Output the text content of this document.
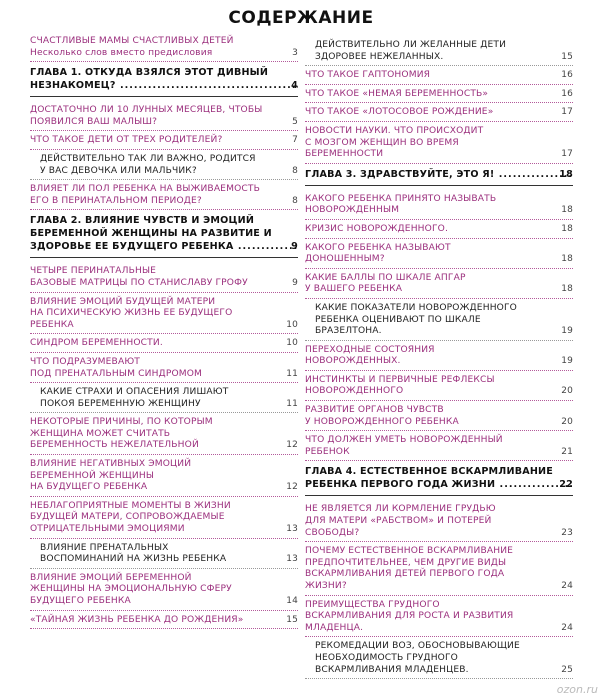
СОДЕРЖАНИЕ
СЧАСТЛИВЫЕ МАМЫ СЧАСТЛИВЫХ ДЕТЕЙ
Несколько слов вместо предисловия	3
ГЛАВА 1. ОТКУДА ВЗЯЛСЯ ЭТОТ ДИВНЫЙ
НЕЗНАКОМЕЦ? .....	4
ДОСТАТОЧНО ЛИ 10 ЛУННЫХ МЕСЯЦЕВ, ЧТОБЫ
ПОЯВИЛСЯ ВАШ МАЛЫШ?	5
ЧТО ТАКОЕ ДЕТИ ОТ ТРЕХ РОДИТЕЛЕЙ?	7
ДЕЙСТВИТЕЛЬНО ТАК ЛИ ВАЖНО, РОДИТСЯ
У ВАС ДЕВОЧКА ИЛИ МАЛЬЧИК?	8
ВЛИЯЕТ ЛИ ПОЛ РЕБЕНКА НА ВЫЖИВАЕМОСТЬ
ЕГО В ПЕРИНАТАЛЬНОМ ПЕРИОДЕ?	8
ГЛАВА 2. ВЛИЯНИЕ ЧУВСТВ И ЭМОЦИЙ
БЕРЕМЕННОЙ ЖЕНЩИНЫ НА РАЗВИТИЕ И
ЗДОРОВЬЕ ЕЕ БУДУЩЕГО РЕБЕНКА .....	9
ЧЕТЫРЕ ПЕРИНАТАЛЬНЫЕ
БАЗОВЫЕ МАТРИЦЫ ПО СТАНИСЛАВУ ГРОФУ	9
ВЛИЯНИЕ ЭМОЦИЙ БУДУЩЕЙ МАТЕРИ
НА ПСИХИЧЕСКУЮ ЖИЗНЬ ЕЕ БУДУЩЕГО
РЕБЕНКА	10
СИНДРОМ БЕРЕМЕННОСТИ.	10
ЧТО ПОДРАЗУМЕВАЮТ
ПОД ПРЕНАТАЛЬНЫМ СИНДРОМОМ	11
КАКИЕ СТРАХИ И ОПАСЕНИЯ ЛИШАЮТ
ПОКОЯ БЕРЕМЕННУЮ ЖЕНЩИНУ	11
НЕКОТОРЫЕ ПРИЧИНЫ, ПО КОТОРЫМ
ЖЕНЩИНА МОЖЕТ СЧИТАТЬ
БЕРЕМЕННОСТЬ НЕЖЕЛАТЕЛЬНОЙ	12
ВЛИЯНИЕ НЕГАТИВНЫХ ЭМОЦИЙ
БЕРЕМЕННОЙ ЖЕНЩИНЫ
НА БУДУЩЕГО РЕБЕНКА	12
НЕБЛАГОПРИЯТНЫЕ МОМЕНТЫ В ЖИЗНИ
БУДУЩЕЙ МАТЕРИ, СОПРОВОЖДАЕМЫЕ
ОТРИЦАТЕЛЬНЫМИ ЭМОЦИЯМИ	13
ВЛИЯНИЕ ПРЕНАТАЛЬНЫХ
ВОСПОМИНАНИЙ НА ЖИЗНЬ РЕБЕНКА	13
ВЛИЯНИЕ ЭМОЦИЙ БЕРЕМЕННОЙ
ЖЕНЩИНЫ НА ЭМОЦИОНАЛЬНУЮ СФЕРУ
БУДУЩЕГО РЕБЕНКА	14
«ТАЙНАЯ ЖИЗНЬ РЕБЕНКА ДО РОЖДЕНИЯ»	15
ДЕЙСТВИТЕЛЬНО ЛИ ЖЕЛАННЫЕ ДЕТИ
ЗДОРОВЕЕ НЕЖЕЛАННЫХ.	15
ЧТО ТАКОЕ ГАПТОНOMИЯ	16
ЧТО ТАКОЕ «НЕМАЯ БЕРЕМЕННОСТЬ»	16
ЧТО ТАКОЕ «ЛОТОСОВОЕ РОЖДЕНИЕ»	17
НОВОСТИ НАУКИ. ЧТО ПРОИСХОДИТ
С МОЗГОМ ЖЕНЩИН ВО ВРЕМЯ
БЕРЕМЕННОСТИ	17
ГЛАВА 3. ЗДРАВСТВУЙТЕ, ЭТО Я! .....	18
КАКОГО РЕБЕНКА ПРИНЯТО НАЗЫВАТЬ
НОВОРОЖДЕННЫМ	18
КРИЗИС НОВОРОЖДЕННОГО.	18
КАКОГО РЕБЕНКА НАЗЫВАЮТ
ДОНОШЕННЫМ?	18
КАКИЕ БАЛЛЫ ПО ШКАЛЕ АПГАР
У ВАШЕГО РЕБЕНКА	18
КАКИЕ ПОКАЗАТЕЛИ НОВОРОЖДЕННОГО
РЕБЕНКА ОЦЕНИВАЮТ ПО ШКАЛЕ
БРАЗЕЛТОНА.	19
ПЕРЕХОДНЫЕ СОСТОЯНИЯ
НОВОРОЖДЕННЫХ.	19
ИНСТИНКТЫ И ПЕРВИЧНЫЕ РЕФЛЕКСЫ
НОВОРОЖДЕННОГО	20
РАЗВИТИЕ ОРГАНОВ ЧУВСТВ
У НОВОРОЖДЕННОГО РЕБЕНКА	20
ЧТО ДОЛЖЕН УМЕТЬ НОВОРОЖДЕННЫЙ
РЕБЕНОК	21
ГЛАВА 4. ЕСТЕСТВЕННОЕ ВСКАРМЛИВАНИЕ
РЕБЕНКА ПЕРВОГО ГОДА ЖИЗНИ .....	22
НЕ ЯВЛЯЕТСЯ ЛИ КОРМЛЕНИЕ ГРУДЬЮ
ДЛЯ МАТЕРИ «РАБСТВОМ» И ПОТЕРЕЙ
СВОБОДЫ?	23
ПОЧЕМУ ЕСТЕСТВЕННОЕ ВСКАРМЛИВАНИЕ
ПРЕДПОЧТИТЕЛЬНЕЕ, ЧЕМ ДРУГИЕ ВИДЫ
ВСКАРМЛИВАНИЯ ДЕТЕЙ ПЕРВОГО ГОДА
ЖИЗНИ?	24
ПРЕИМУЩЕСТВА ГРУДНОГО
ВСКАРМЛИВАНИЯ ДЛЯ РОСТА И РАЗВИТИЯ
МЛАДЕНЦА.	24
РЕКОМЕДАЦИИ ВОЗ, ОБОСНОВЫВАЮЩИЕ
НЕОБХОДИМОСТЬ ГРУДНОГО
ВСКАРМЛИВАНИЯ МЛАДЕНЦЕВ.	25
ozon.ru
